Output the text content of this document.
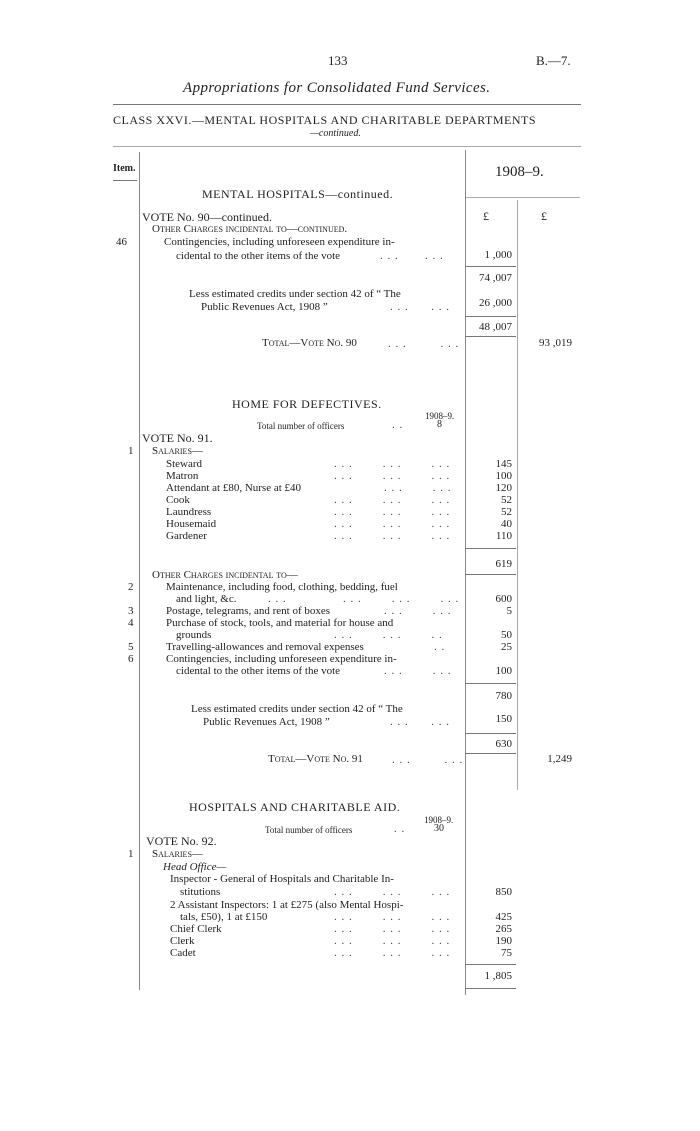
133	B.—7.
Appropriations for Consolidated Fund Services.
CLASS XXVI.—MENTAL HOSPITALS AND CHARITABLE DEPARTMENTS
—continued.
Item.	1908–9.
MENTAL HOSPITALS—continued.
VOTE No. 90—continued.	£	£
Other Charges incidental to—continued.
46	Contingencies, including unforeseen expenditure in-
cidental to the other items of the vote	. . .       . . .	1 ,000
74 ,007
Less estimated credits under section 42 of “ The
Public Revenues Act, 1908 ”	. . .      . . .	26 ,000
48 ,007
Total—Vote No. 90	. . .         . . .	93 ,019
HOME FOR DEFECTIVES.
1908–9.
Total number of officers	. .	8
VOTE No. 91.
1 Salaries—
Steward	. . .        . . .        . . .	145
Matron	. . .        . . .        . . .	100
Attendant at £80, Nurse at £40	. . .        . . .	120
Cook	. . .        . . .        . . .	52
Laundress	. . .        . . .        . . .	52
Housemaid	. . .        . . .        . . .	40
Gardener	. . .        . . .        . . .	110
619
Other Charges incidental to—
2	Maintenance, including food, clothing, bedding, fuel
and light, &c.	. . .               . . .        . . .        . . .	600
3	Postage, telegrams, and rent of boxes	. . .        . . .	5
4	Purchase of stock, tools, and material for house and
grounds	. . .        . . .        . .	50
5	Travelling-allowances and removal expenses	. .	25
6	Contingencies, including unforeseen expenditure in-
cidental to the other items of the vote	. . .        . . .	100
780
Less estimated credits under section 42 of “ The
Public Revenues Act, 1908 ”	. . .      . . .	150
630
Total—Vote No. 91	. . .         . . .	1,249
HOSPITALS AND CHARITABLE AID.
1908–9.
Total number of officers	. .	30
VOTE No. 92.
1 Salaries—
Head Office—
Inspector - General of Hospitals and Charitable In-
stitutions	. . .        . . .        . . .	850
2 Assistant Inspectors: 1 at £275 (also Mental Hospi-
tals, £50), 1 at £150	. . .        . . .        . . .	425
Chief Clerk	. . .        . . .        . . .	265
Clerk	. . .        . . .        . . .	190
Cadet	. . .        . . .        . . .	75
1 ,805
